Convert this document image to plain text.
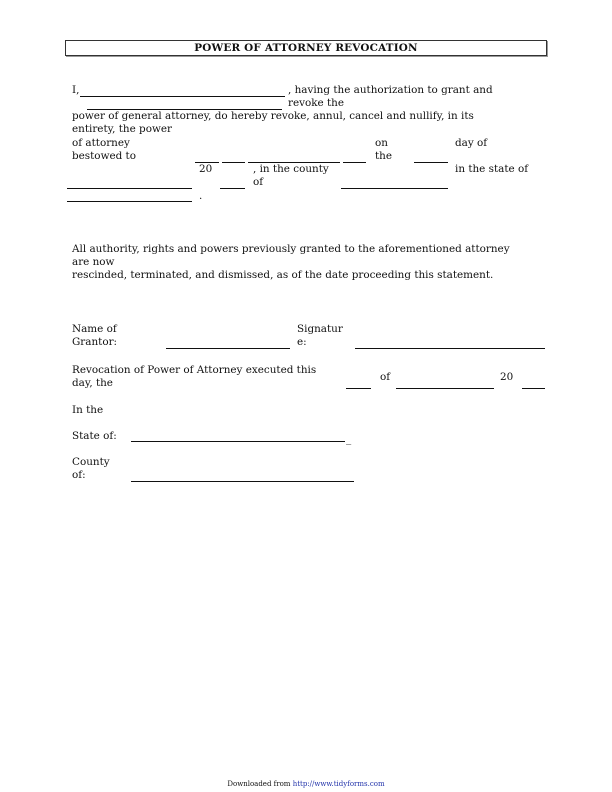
POWER OF ATTORNEY REVOCATION
I,	, having the authorization to grant and
revoke the
power of general attorney, do hereby revoke, annul, cancel and nullify, in its
entirety, the power
of attorney	on	day of
bestowed to	the
20	, in the county	in the state of
of
.
All authority, rights and powers previously granted to the aforementioned attorney
are now
rescinded, terminated, and dismissed, as of the date proceeding this statement.
Name of
Grantor:
Signatur
e:
Revocation of Power of Attorney executed this
day, the	of	20
In the
State of:	_
County
of:
Downloaded from http://www.tidyforms.com
